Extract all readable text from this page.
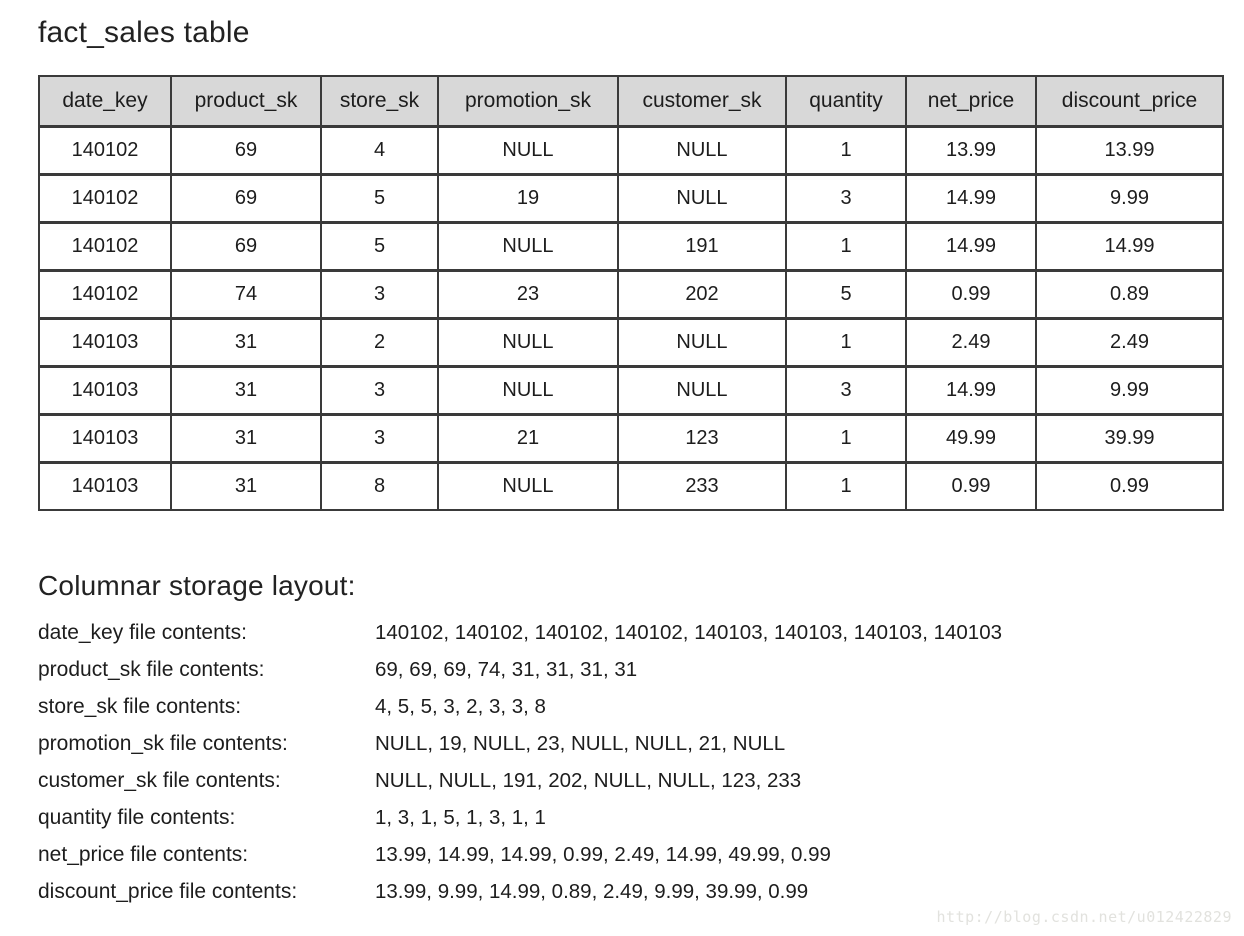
fact_sales table
date_key	product_sk	store_sk	promotion_sk	customer_sk	quantity	net_price	discount_price
140102	69	4	NULL	NULL	1	13.99	13.99
140102	69	5	19	NULL	3	14.99	9.99
140102	69	5	NULL	191	1	14.99	14.99
140102	74	3	23	202	5	0.99	0.89
140103	31	2	NULL	NULL	1	2.49	2.49
140103	31	3	NULL	NULL	3	14.99	9.99
140103	31	3	21	123	1	49.99	39.99
140103	31	8	NULL	233	1	0.99	0.99
Columnar storage layout:
date_key file contents:	140102, 140102, 140102, 140102, 140103, 140103, 140103, 140103
product_sk file contents:	69, 69, 69, 74, 31, 31, 31, 31
store_sk file contents:	4, 5, 5, 3, 2, 3, 3, 8
promotion_sk file contents:	NULL, 19, NULL, 23, NULL, NULL, 21, NULL
customer_sk file contents:	NULL, NULL, 191, 202, NULL, NULL, 123, 233
quantity file contents:	1, 3, 1, 5, 1, 3, 1, 1
net_price file contents:	13.99, 14.99, 14.99, 0.99, 2.49, 14.99, 49.99, 0.99
discount_price file contents:	13.99, 9.99, 14.99, 0.89, 2.49, 9.99, 39.99, 0.99
http://blog.csdn.net/u012422829
